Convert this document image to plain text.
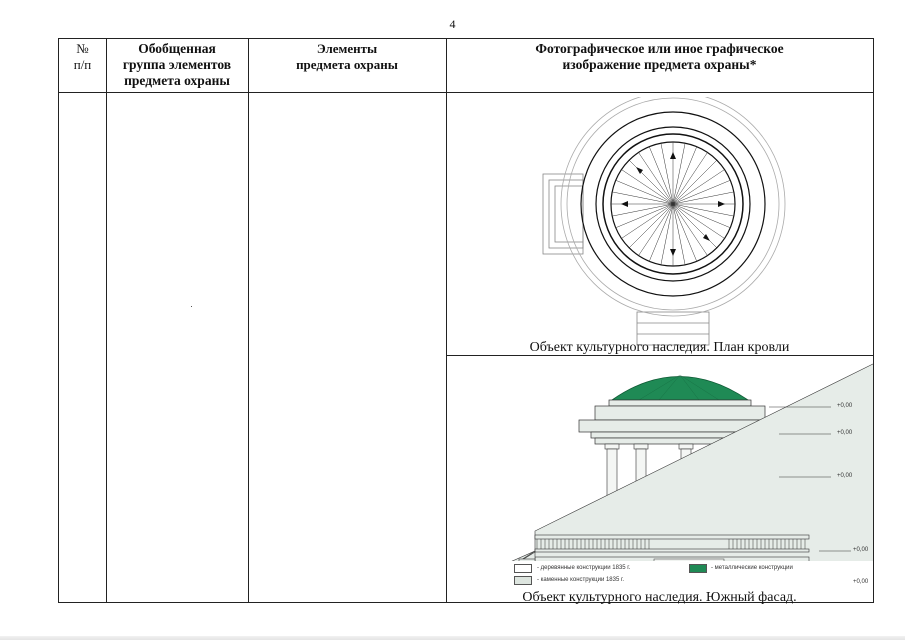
4
№
п/п
Обобщенная
группа элементов
предмета охраны
Элементы
предмета охраны
Фотографическое или иное графическое
изображение предмета охраны*
Объект культурного наследия. План кровли
+0,00
+0,00
+0,00
+0,00
+0,00
- деревянные конструкции 1835 г.
- каменные конструкции 1835 г.
- металлические конструкции
Объект культурного наследия. Южный фасад.
